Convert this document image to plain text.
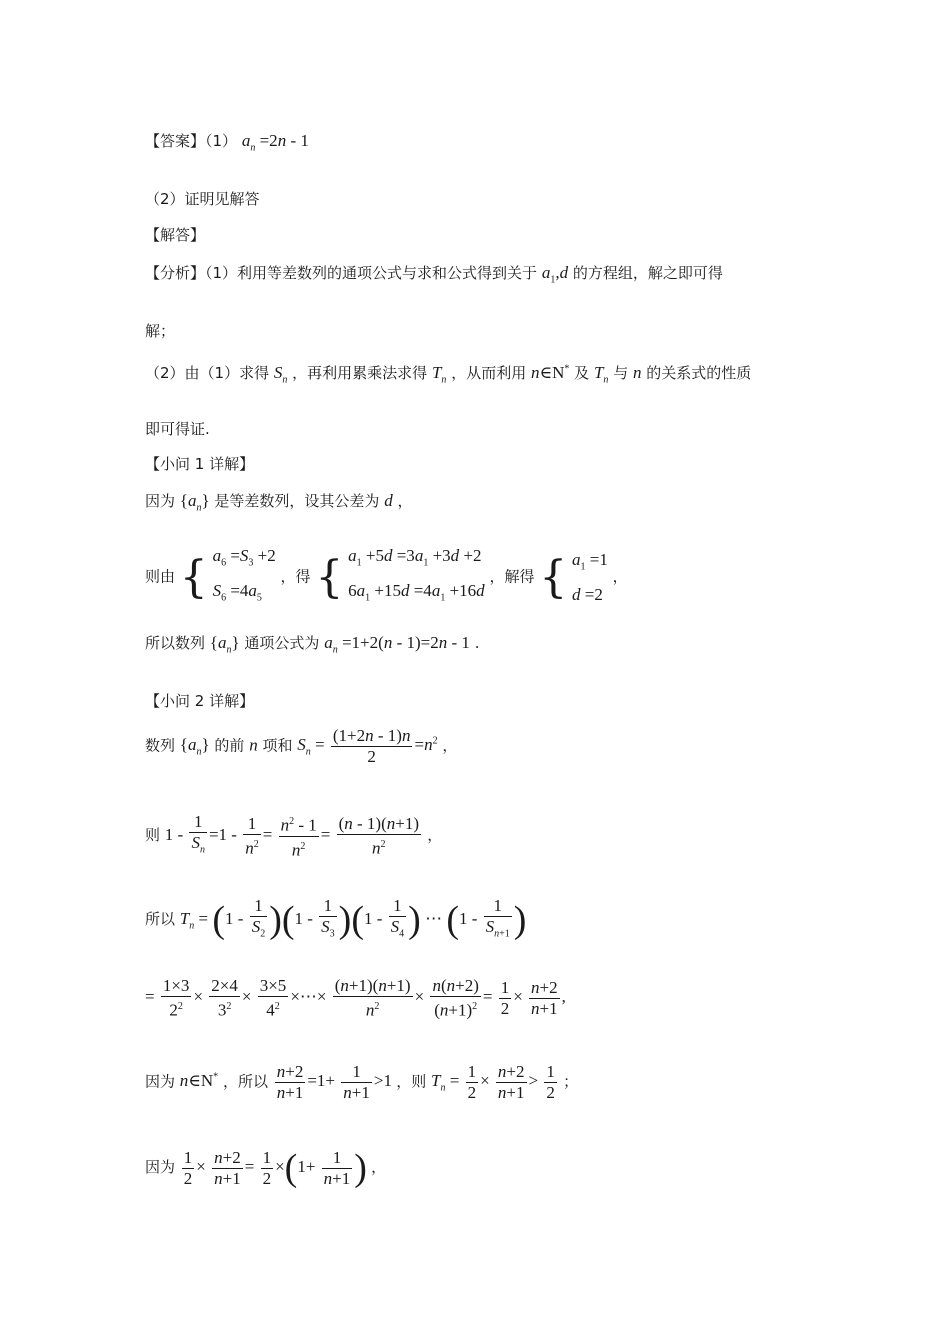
【答案】（1） $a_n =2n - 1$
（2）证明见解答
【解答】
【分析】（1）利用等差数列的通项公式与求和公式得到关于 $a_1,d$ 的方程组，解之即可得
解；
（2）由（1）求得 $S_n$ ，再利用累乘法求得 $T_n$ ，从而利用 n∈N* 及 $T_n$ 与 n 的关系式的性质
即可得证.
【小问 1 详解】
因为 $\{a_n\}$ 是等差数列，设其公差为 d ，
则由 { $a_6 =S_3 +2$
$S_6 =4a_5$
，得 { $a_1 +5d =3a_1 +3d +2$
$6a_1 +15d =4a_1 +16d$
，解得 { $a_1 =1$
d =2
，
所以数列 $\{a_n\}$ 通项公式为 $a_n =1+2(n - 1)=2n - 1$ .
【小问 2 详解】
数列 $\{a_n\}$ 的前 n 项和 $S_n = \frac{(1+2n - 1)n}{2} =n^2$ ，
则 $1 - \frac{1}{S_n} =1 - \frac{1}{n^2} = \frac{n^2 - 1}{n^2} = \frac{(n - 1)(n+1)}{n^2}$ ，
所以 $T_n = (1 - \frac{1}{S_2} )(1 - \frac{1}{S_3} )(1 - \frac{1}{S_4}$ ) ⋯ ($1 - \frac{1}{S_{n+1}}$ )
= $\frac{1\times 3}{2^2} \times \frac{2\times 4}{3^2} \times \frac{3\times 5}{4^2}$ ×⋯× $\frac{(n+1)(n+1)}{n^2} \times \frac{n(n+2)}{(n+1)^2} = \frac{1}{2} \times \frac{n+2}{n+1}$ ,
因为 n∈N* ，所以 $\frac{n+2}{n+1} =1+ \frac{1}{n+1} >1$ ，则 $T_n = \frac{1}{2} \times \frac{n+2}{n+1} > \frac{1}{2}$ ；
因为 $\frac{1}{2} \times \frac{n+2}{n+1} = \frac{1}{2} \times(1+ \frac{1}{n+1}$ ) ，
